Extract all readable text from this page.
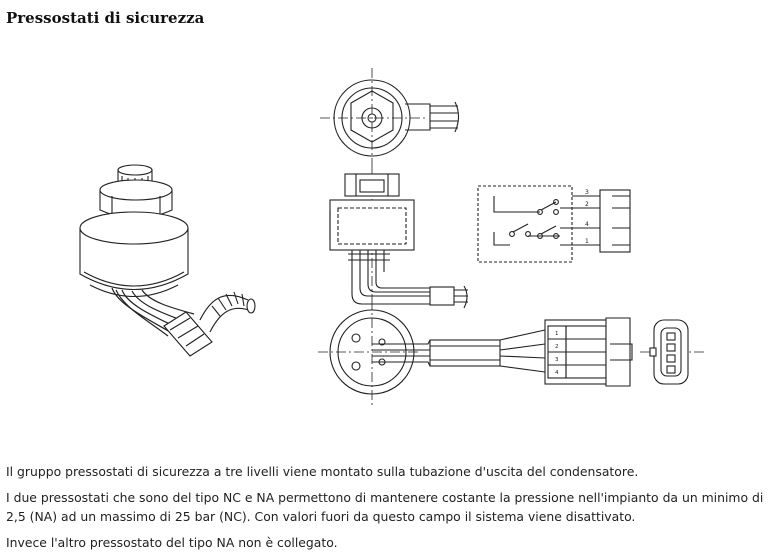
Pressostati di sicurezza
3
2
4
1
1
2
3
4
Il gruppo pressostati di sicurezza a tre livelli viene montato sulla tubazione d'uscita del condensatore.
I due pressostati che sono del tipo NC e NA permettono di mantenere costante la pressione nell'impianto da un minimo di 2,5 (NA) ad un massimo di 25 bar (NC). Con valori fuori da questo campo il sistema viene disattivato.
Invece l'altro pressostato del tipo NA non è collegato.
